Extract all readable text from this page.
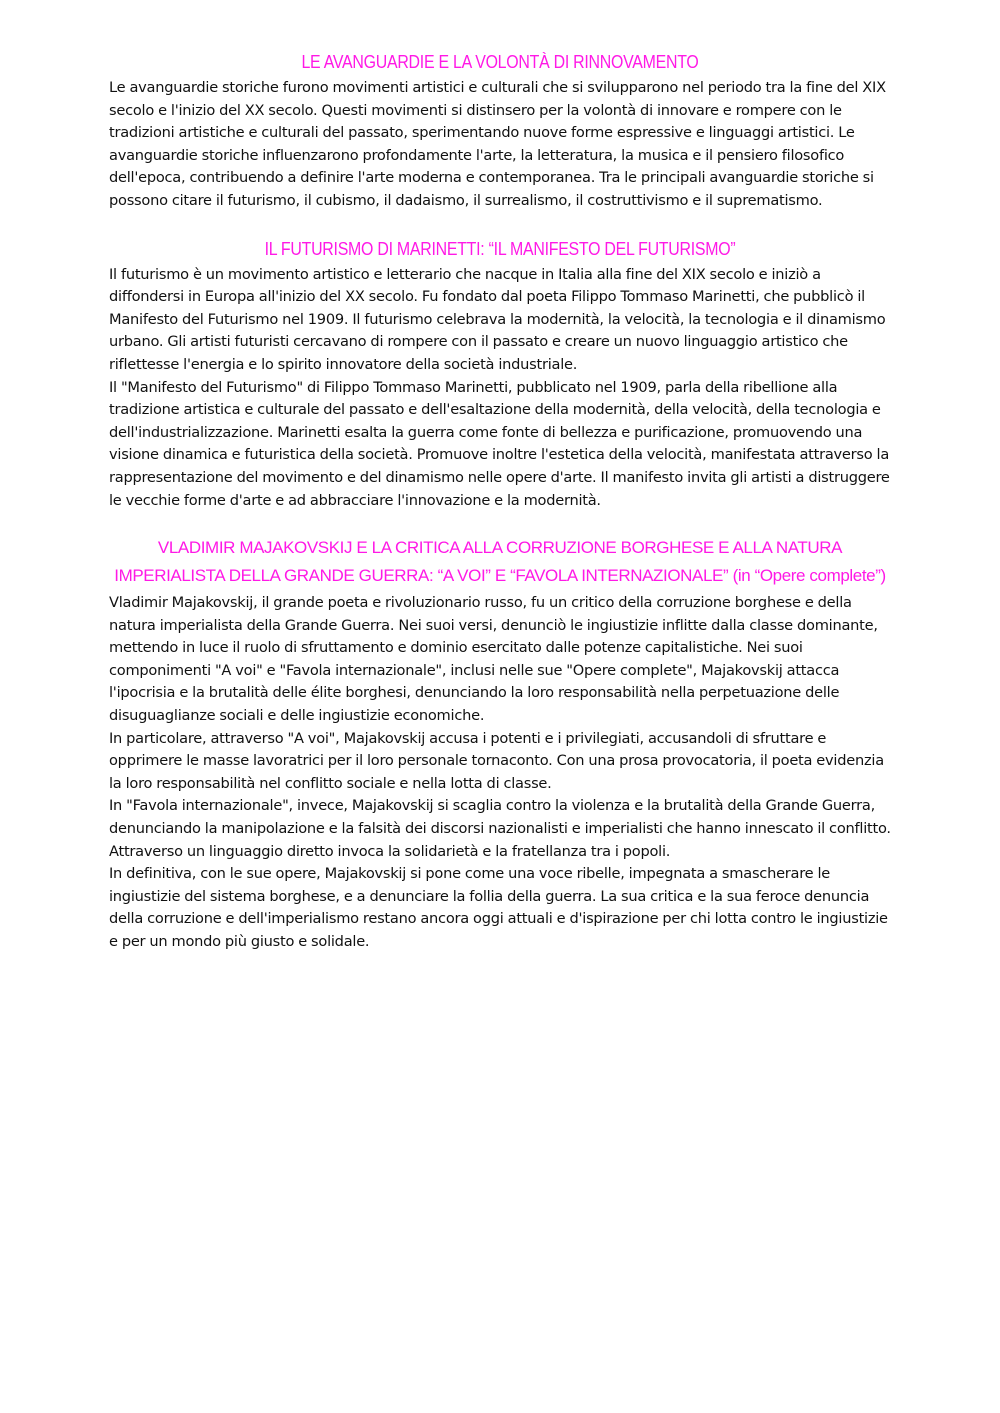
LE AVANGUARDIE E LA VOLONTÀ DI RINNOVAMENTO

Le avanguardie storiche furono movimenti artistici e culturali che si svilupparono nel periodo tra la fine del XIX secolo e l'inizio del XX secolo. Questi movimenti si distinsero per la volontà di innovare e rompere con le tradizioni artistiche e culturali del passato, sperimentando nuove forme espressive e linguaggi artistici. Le avanguardie storiche influenzarono profondamente l'arte, la letteratura, la musica e il pensiero filosofico dell'epoca, contribuendo a definire l'arte moderna e contemporanea. Tra le principali avanguardie storiche si possono citare il futurismo, il cubismo, il dadaismo, il surrealismo, il costruttivismo e il suprematismo.

IL FUTURISMO DI MARINETTI: “IL MANIFESTO DEL FUTURISMO”

Il futurismo è un movimento artistico e letterario che nacque in Italia alla fine del XIX secolo e iniziò a diffondersi in Europa all'inizio del XX secolo. Fu fondato dal poeta Filippo Tommaso Marinetti, che pubblicò il Manifesto del Futurismo nel 1909. Il futurismo celebrava la modernità, la velocità, la tecnologia e il dinamismo urbano. Gli artisti futuristi cercavano di rompere con il passato e creare un nuovo linguaggio artistico che riflettesse l'energia e lo spirito innovatore della società industriale.

Il "Manifesto del Futurismo" di Filippo Tommaso Marinetti, pubblicato nel 1909, parla della ribellione alla tradizione artistica e culturale del passato e dell'esaltazione della modernità, della velocità, della tecnologia e dell'industrializzazione. Marinetti esalta la guerra come fonte di bellezza e purificazione, promuovendo una visione dinamica e futuristica della società. Promuove inoltre l'estetica della velocità, manifestata attraverso la rappresentazione del movimento e del dinamismo nelle opere d'arte. Il manifesto invita gli artisti a distruggere le vecchie forme d'arte e ad abbracciare l'innovazione e la modernità.

VLADIMIR MAJAKOVSKIJ E LA CRITICA ALLA CORRUZIONE BORGHESE E ALLA NATURA IMPERIALISTA DELLA GRANDE GUERRA: “A VOI” E “FAVOLA INTERNAZIONALE” (in “Opere complete”)

Vladimir Majakovskij, il grande poeta e rivoluzionario russo, fu un critico della corruzione borghese e della natura imperialista della Grande Guerra. Nei suoi versi, denunciò le ingiustizie inflitte dalla classe dominante, mettendo in luce il ruolo di sfruttamento e dominio esercitato dalle potenze capitalistiche. Nei suoi componimenti "A voi" e "Favola internazionale", inclusi nelle sue "Opere complete", Majakovskij attacca l'ipocrisia e la brutalità delle élite borghesi, denunciando la loro responsabilità nella perpetuazione delle disuguaglianze sociali e delle ingiustizie economiche.

In particolare, attraverso "A voi", Majakovskij accusa i potenti e i privilegiati, accusandoli di sfruttare e opprimere le masse lavoratrici per il loro personale tornaconto. Con una prosa provocatoria, il poeta evidenzia la loro responsabilità nel conflitto sociale e nella lotta di classe.

In "Favola internazionale", invece, Majakovskij si scaglia contro la violenza e la brutalità della Grande Guerra, denunciando la manipolazione e la falsità dei discorsi nazionalisti e imperialisti che hanno innescato il conflitto. Attraverso un linguaggio diretto invoca la solidarietà e la fratellanza tra i popoli.

In definitiva, con le sue opere, Majakovskij si pone come una voce ribelle, impegnata a smascherare le ingiustizie del sistema borghese, e a denunciare la follia della guerra. La sua critica e la sua feroce denuncia della corruzione e dell'imperialismo restano ancora oggi attuali e d'ispirazione per chi lotta contro le ingiustizie e per un mondo più giusto e solidale.
